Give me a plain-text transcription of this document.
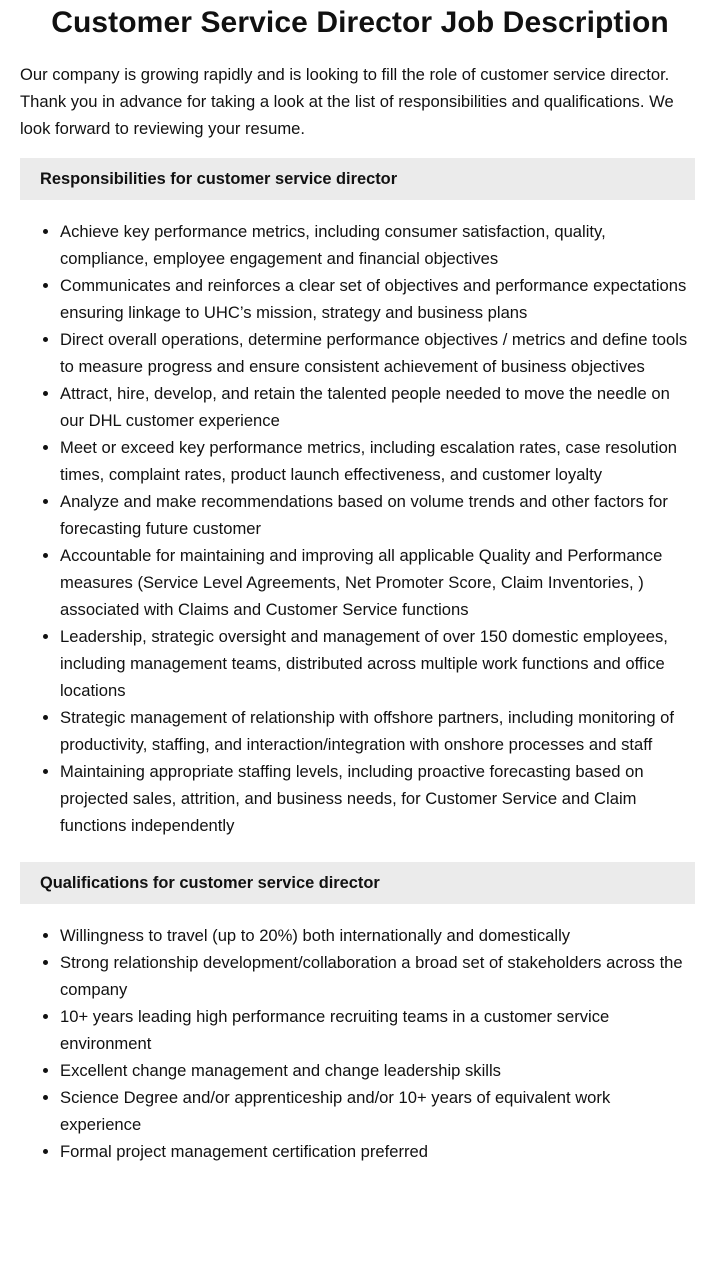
Customer Service Director Job Description

Our company is growing rapidly and is looking to fill the role of customer service director. Thank you in advance for taking a look at the list of responsibilities and qualifications. We look forward to reviewing your resume.

Responsibilities for customer service director
• Achieve key performance metrics, including consumer satisfaction, quality, compliance, employee engagement and financial objectives
• Communicates and reinforces a clear set of objectives and performance expectations ensuring linkage to UHC’s mission, strategy and business plans
• Direct overall operations, determine performance objectives / metrics and define tools to measure progress and ensure consistent achievement of business objectives
• Attract, hire, develop, and retain the talented people needed to move the needle on our DHL customer experience
• Meet or exceed key performance metrics, including escalation rates, case resolution times, complaint rates, product launch effectiveness, and customer loyalty
• Analyze and make recommendations based on volume trends and other factors for forecasting future customer
• Accountable for maintaining and improving all applicable Quality and Performance measures (Service Level Agreements, Net Promoter Score, Claim Inventories, ) associated with Claims and Customer Service functions
• Leadership, strategic oversight and management of over 150 domestic employees, including management teams, distributed across multiple work functions and office locations
• Strategic management of relationship with offshore partners, including monitoring of productivity, staffing, and interaction/integration with onshore processes and staff
• Maintaining appropriate staffing levels, including proactive forecasting based on projected sales, attrition, and business needs, for Customer Service and Claim functions independently
Qualifications for customer service director
• Willingness to travel (up to 20%) both internationally and domestically
• Strong relationship development/collaboration a broad set of stakeholders across the company
• 10+ years leading high performance recruiting teams in a customer service environment
• Excellent change management and change leadership skills
• Science Degree and/or apprenticeship and/or 10+ years of equivalent work experience
• Formal project management certification preferred
